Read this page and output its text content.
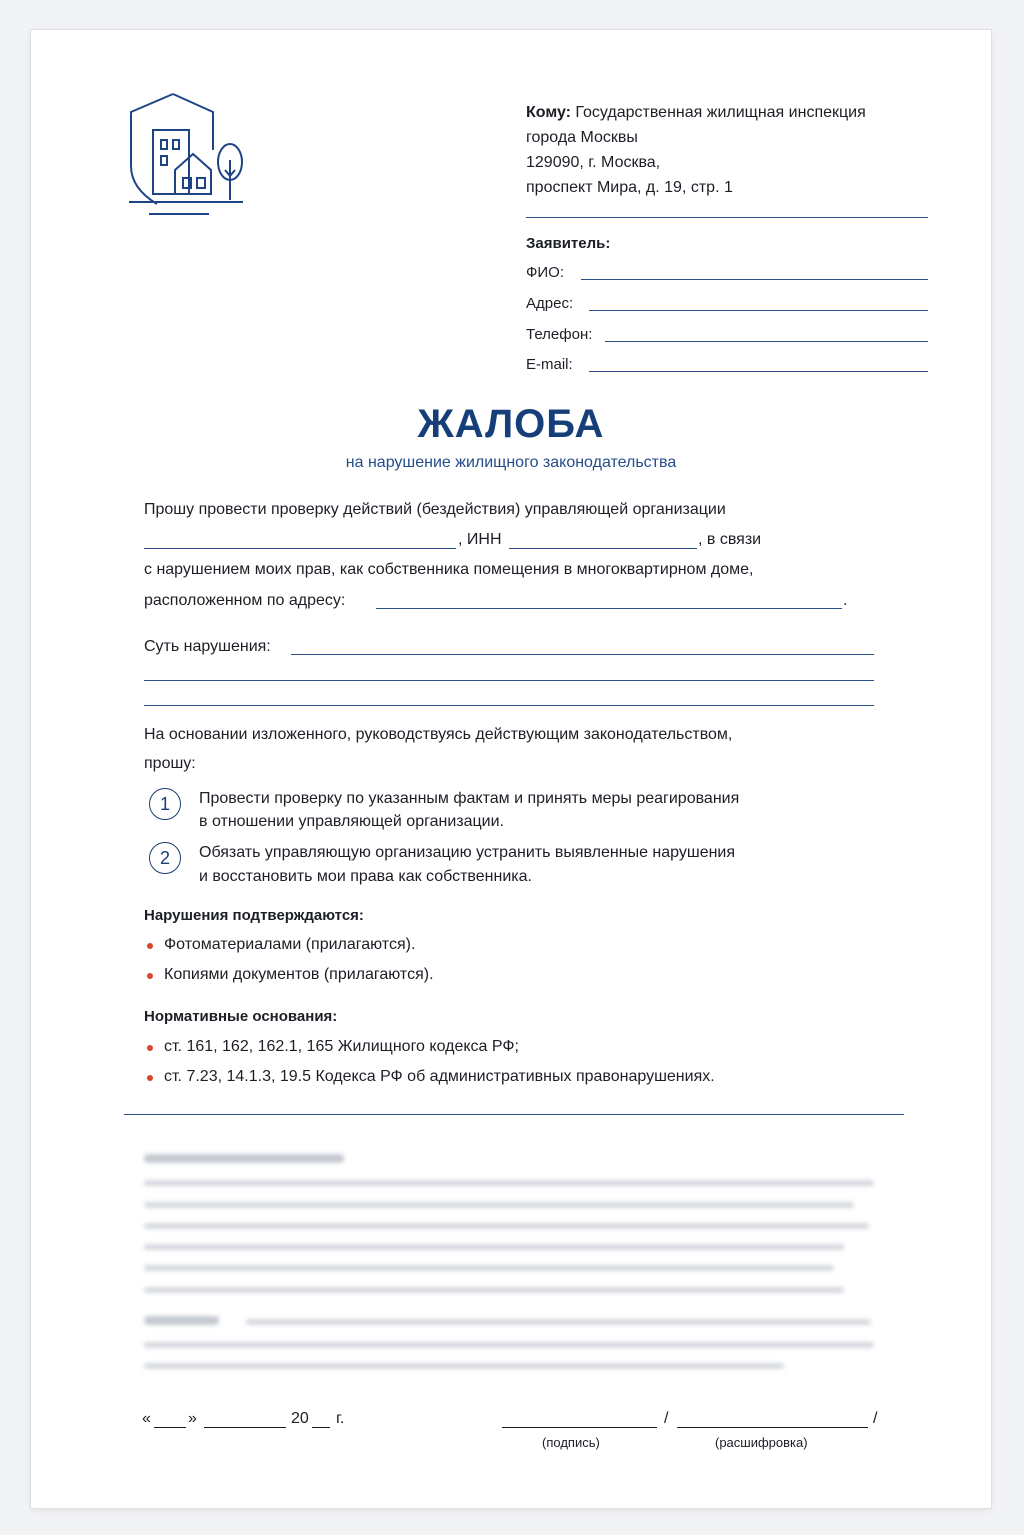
Кому: Государственная жилищная инспекция
города Москвы
129090, г. Москва,
проспект Мира, д. 19, стр. 1
Заявитель:
ФИО:
Адрес:
Телефон:
E-mail:
ЖАЛОБА
на нарушение жилищного законодательства
Прошу провести проверку действий (бездействия) управляющей организации
, ИНН	, в связи
с нарушением моих прав, как собственника помещения в многоквартирном доме,
расположенном по адресу:	.
Суть нарушения:
На основании изложенного, руководствуясь действующим законодательством,
прошу:
1	Провести проверку по указанным фактам и принять меры реагирования
в отношении управляющей организации.
2	Обязать управляющую организацию устранить выявленные нарушения
и восстановить мои права как собственника.
Нарушения подтверждаются:
Фотоматериалами (прилагаются).
Копиями документов (прилагаются).
Нормативные основания:
ст. 161, 162, 162.1, 165 Жилищного кодекса РФ;
ст. 7.23, 14.1.3, 19.5 Кодекса РФ об административных правонарушениях.
« »	20 г.	/	/
(подпись)	(расшифровка)
